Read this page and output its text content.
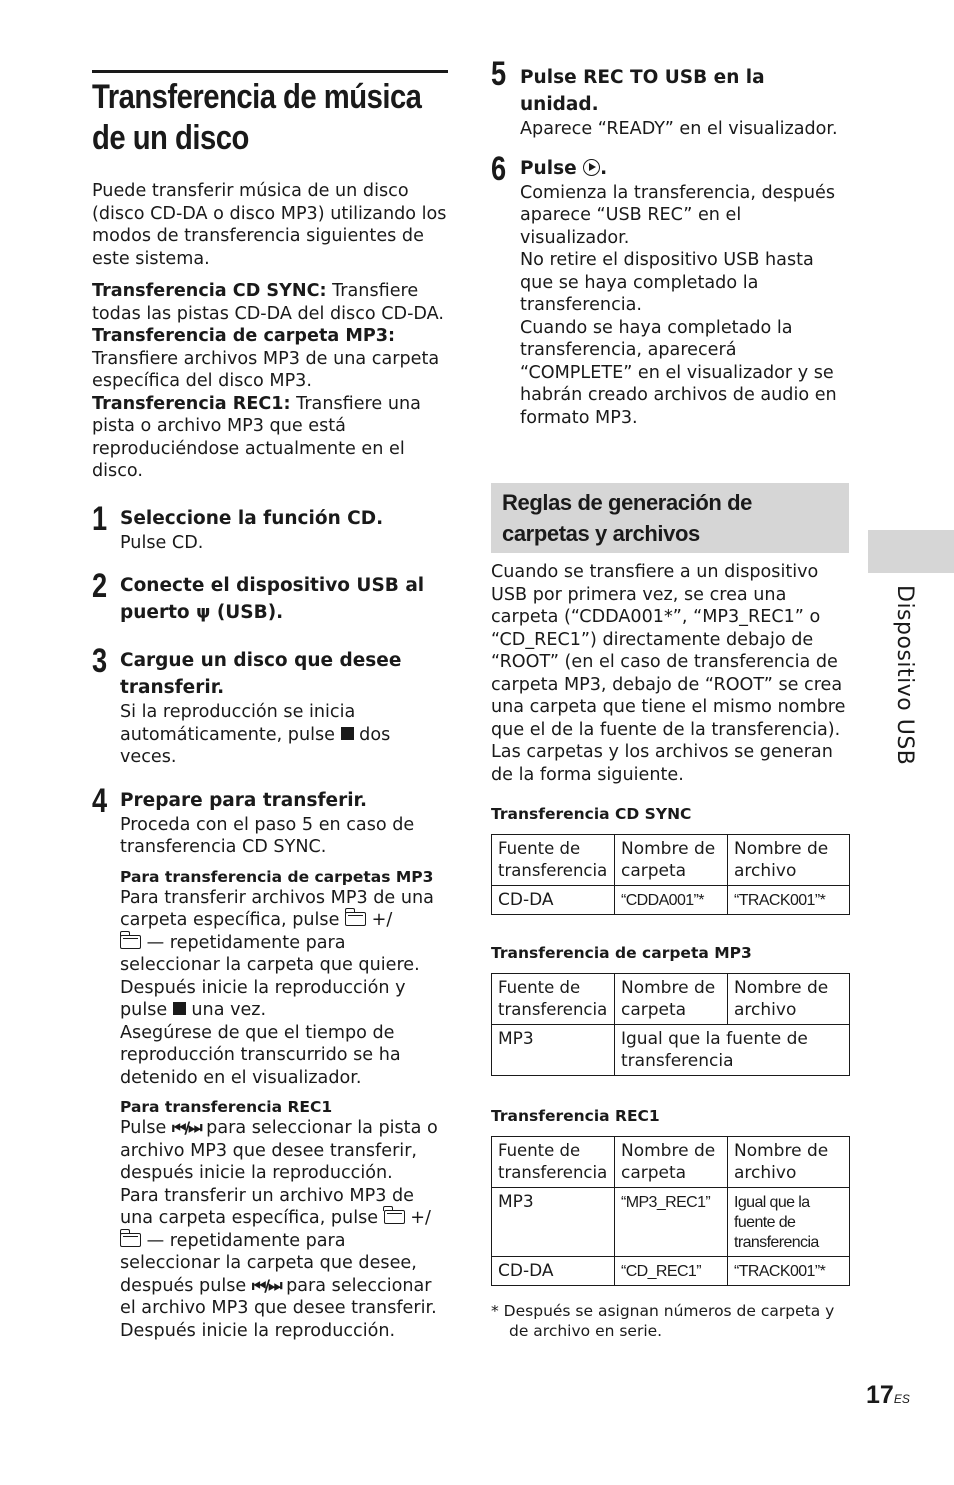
Transferencia de música de un disco

Puede transferir música de un disco (disco CD-DA o disco MP3) utilizando los modos de transferencia siguientes de este sistema.

Transferencia CD SYNC: Transfiere todas las pistas CD-DA del disco CD-DA.

Transferencia de carpeta MP3: Transfiere archivos MP3 de una carpeta específica del disco MP3.

Transferencia REC1: Transfiere una pista o archivo MP3 que está reproduciéndose actualmente en el disco.

1 Seleccione la función CD.

Pulse CD.

2 Conecte el dispositivo USB al puerto ψ (USB).
3 Cargue un disco que desee transferir.

Si la reproducción se inicia automáticamente, pulse  dos veces.

4 Prepare para transferir.

Proceda con el paso 5 en caso de transferencia CD SYNC.

Para transferencia de carpetas MP3

Para transferir archivos MP3 de una carpeta específica, pulse  +/
— repetidamente para seleccionar la carpeta que quiere. Después inicie la reproducción y pulse  una vez.

Asegúrese de que el tiempo de reproducción transcurrido se ha detenido en el visualizador.

Para transferencia REC1

Pulse ⏮/⏭ para seleccionar la pista o archivo MP3 que desee transferir, después inicie la reproducción.

Para transferir un archivo MP3 de una carpeta específica, pulse  +/ — repetidamente para seleccionar la carpeta que desee, después pulse ⏮/⏭ para seleccionar el archivo MP3 que desee transferir. Después inicie la reproducción.

5 Pulse REC TO USB en la unidad.

Aparece “READY” en el visualizador.

6 Pulse .

Comienza la transferencia, después aparece “USB REC” en el visualizador.

No retire el dispositivo USB hasta que se haya completado la transferencia.

Cuando se haya completado la transferencia, aparecerá “COMPLETE” en el visualizador y se habrán creado archivos de audio en formato MP3.

Reglas de generación de carpetas y archivos

Cuando se transfiere a un dispositivo USB por primera vez, se crea una carpeta (“CDDA001*”, “MP3_REC1” o “CD_REC1”) directamente debajo de “ROOT” (en el caso de transferencia de carpeta MP3, debajo de “ROOT” se crea una carpeta que tiene el mismo nombre que el de la fuente de la transferencia).

Las carpetas y los archivos se generan de la forma siguiente.

Transferencia CD SYNC
Fuente de transferencia	Nombre de carpeta	Nombre de archivo
CD-DA	“CDDA001”*	“TRACK001”*
Transferencia de carpeta MP3
Fuente de transferencia	Nombre de carpeta	Nombre de archivo
MP3	Igual que la fuente de transferencia	
Transferencia REC1
Fuente de transferencia	Nombre de carpeta	Nombre de archivo
MP3	“MP3_REC1”	Igual que la fuente de transferencia
CD-DA	“CD_REC1”	“TRACK001”*
* Después se asignan números de carpeta y de archivo en serie.
Dispositivo USB
$17^{ES}$
